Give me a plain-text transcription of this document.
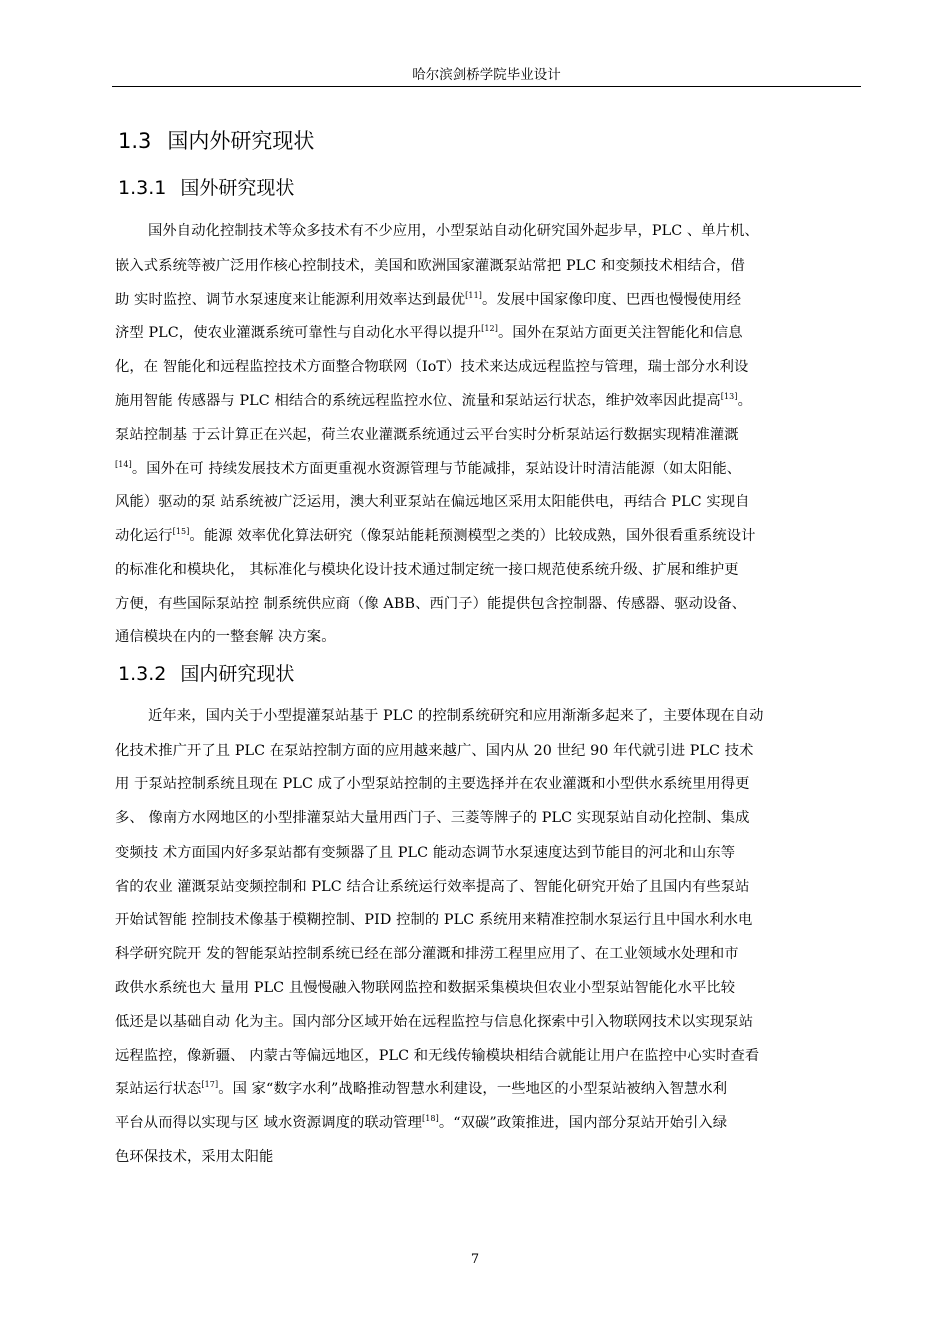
哈尔滨剑桥学院毕业设计
1.3 国内外研究现状
1.3.1 国外研究现状
国外自动化控制技术等众多技术有不少应用，小型泵站自动化研究国外起步早，PLC 、单片机、
嵌入式系统等被广泛用作核心控制技术，美国和欧洲国家灌溉泵站常把 PLC 和变频技术相结合，借
助 实时监控、调节水泵速度来让能源利用效率达到最优[11]。发展中国家像印度、巴西也慢慢使用经
济型 PLC，使农业灌溉系统可靠性与自动化水平得以提升[12]。国外在泵站方面更关注智能化和信息
化，在 智能化和远程监控技术方面整合物联网（IoT）技术来达成远程监控与管理，瑞士部分水利设
施用智能 传感器与 PLC 相结合的系统远程监控水位、流量和泵站运行状态，维护效率因此提高[13]。
泵站控制基 于云计算正在兴起，荷兰农业灌溉系统通过云平台实时分析泵站运行数据实现精准灌溉
[14]。国外在可 持续发展技术方面更重视水资源管理与节能减排，泵站设计时清洁能源（如太阳能、
风能）驱动的泵 站系统被广泛运用，澳大利亚泵站在偏远地区采用太阳能供电，再结合 PLC 实现自
动化运行[15]。能源 效率优化算法研究（像泵站能耗预测模型之类的）比较成熟，国外很看重系统设计
的标准化和模块化， 其标准化与模块化设计技术通过制定统一接口规范使系统升级、扩展和维护更
方便，有些国际泵站控 制系统供应商（像 ABB、西门子）能提供包含控制器、传感器、驱动设备、
通信模块在内的一整套解 决方案。
1.3.2 国内研究现状
近年来，国内关于小型提灌泵站基于 PLC 的控制系统研究和应用渐渐多起来了，主要体现在自动
化技术推广开了且 PLC 在泵站控制方面的应用越来越广、国内从 20 世纪 90 年代就引进 PLC 技术
用 于泵站控制系统且现在 PLC 成了小型泵站控制的主要选择并在农业灌溉和小型供水系统里用得更
多、 像南方水网地区的小型排灌泵站大量用西门子、三菱等牌子的 PLC 实现泵站自动化控制、集成
变频技 术方面国内好多泵站都有变频器了且 PLC 能动态调节水泵速度达到节能目的河北和山东等
省的农业 灌溉泵站变频控制和 PLC 结合让系统运行效率提高了、智能化研究开始了且国内有些泵站
开始试智能 控制技术像基于模糊控制、PID 控制的 PLC 系统用来精准控制水泵运行且中国水利水电
科学研究院开 发的智能泵站控制系统已经在部分灌溉和排涝工程里应用了、在工业领域水处理和市
政供水系统也大 量用 PLC 且慢慢融入物联网监控和数据采集模块但农业小型泵站智能化水平比较
低还是以基础自动 化为主。国内部分区域开始在远程监控与信息化探索中引入物联网技术以实现泵站
远程监控，像新疆、 内蒙古等偏远地区，PLC 和无线传输模块相结合就能让用户在监控中心实时查看
泵站运行状态[17]。国 家“数字水利”战略推动智慧水利建设，一些地区的小型泵站被纳入智慧水利
平台从而得以实现与区 域水资源调度的联动管理[18]。“双碳”政策推进，国内部分泵站开始引入绿
色环保技术，采用太阳能
7
